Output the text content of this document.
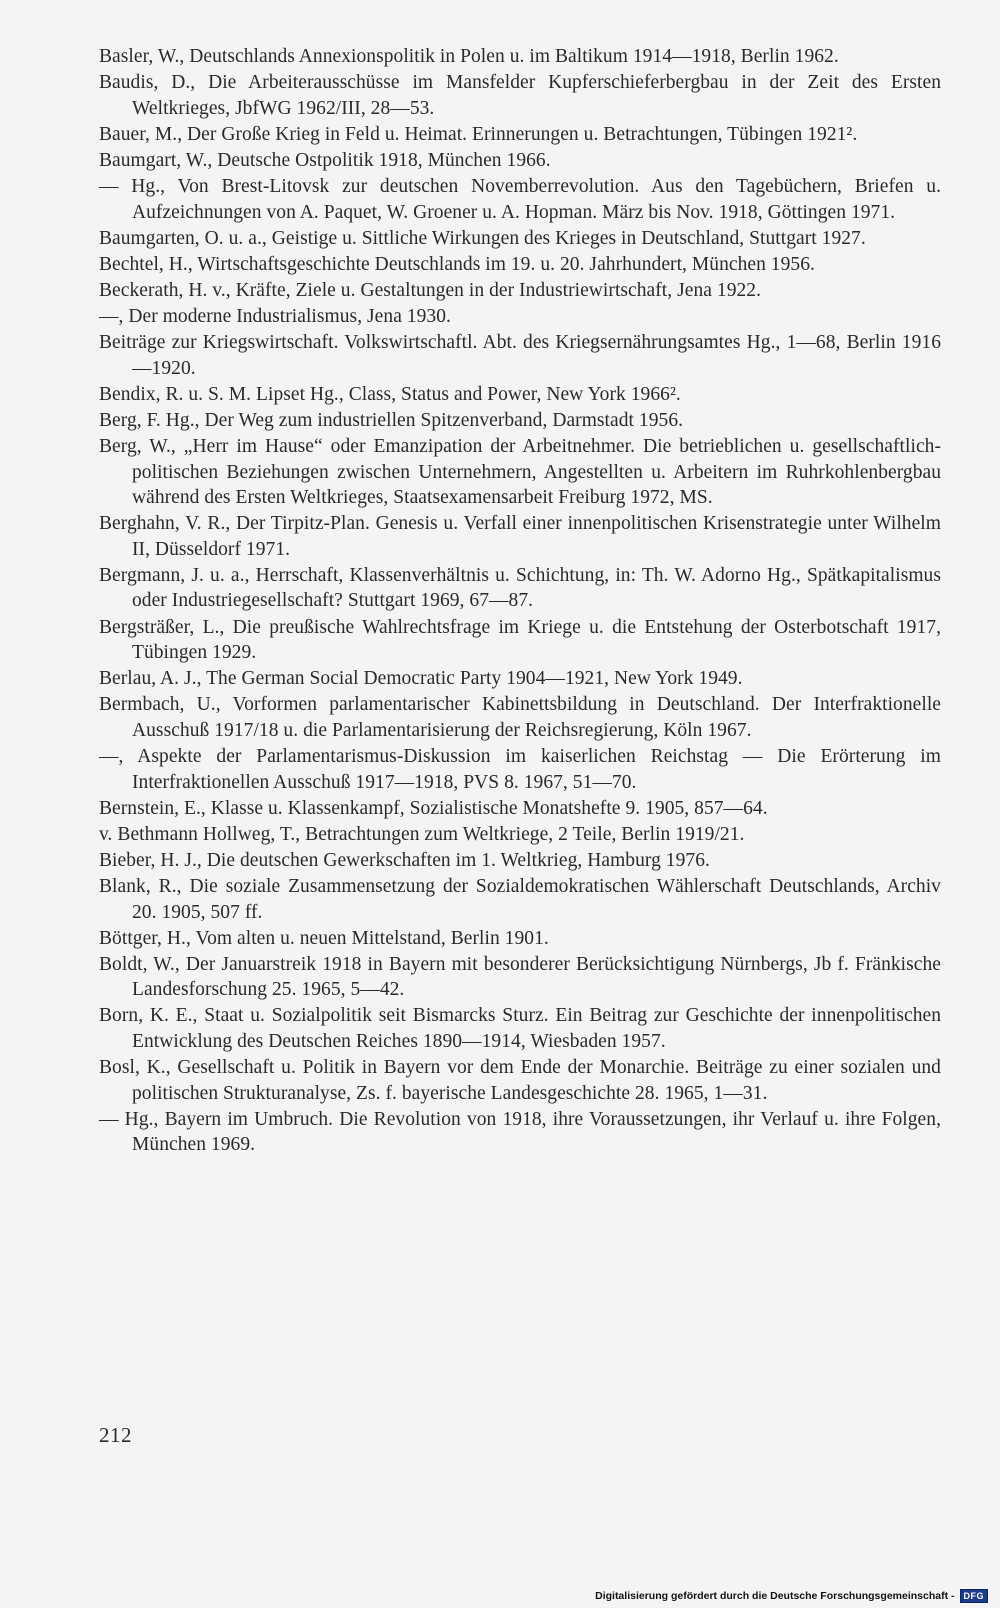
Basler, W., Deutschlands Annexionspolitik in Polen u. im Baltikum 1914—1918, Berlin 1962.

Baudis, D., Die Arbeiterausschüsse im Mansfelder Kupferschieferbergbau in der Zeit des Ersten Weltkrieges, JbfWG 1962/III, 28—53.

Bauer, M., Der Große Krieg in Feld u. Heimat. Erinnerungen u. Betrachtungen, Tübingen 1921².

Baumgart, W., Deutsche Ostpolitik 1918, München 1966.

— Hg., Von Brest-Litovsk zur deutschen Novemberrevolution. Aus den Tagebüchern, Briefen u. Aufzeichnungen von A. Paquet, W. Groener u. A. Hopman. März bis Nov. 1918, Göttingen 1971.

Baumgarten, O. u. a., Geistige u. Sittliche Wirkungen des Krieges in Deutschland, Stuttgart 1927.

Bechtel, H., Wirtschaftsgeschichte Deutschlands im 19. u. 20. Jahrhundert, München 1956.

Beckerath, H. v., Kräfte, Ziele u. Gestaltungen in der Industriewirtschaft, Jena 1922.

—, Der moderne Industrialismus, Jena 1930.

Beiträge zur Kriegswirtschaft. Volkswirtschaftl. Abt. des Kriegsernährungsamtes Hg., 1—68, Berlin 1916—1920.

Bendix, R. u. S. M. Lipset Hg., Class, Status and Power, New York 1966².

Berg, F. Hg., Der Weg zum industriellen Spitzenverband, Darmstadt 1956.

Berg, W., „Herr im Hause“ oder Emanzipation der Arbeitnehmer. Die betrieblichen u. gesellschaftlich-politischen Beziehungen zwischen Unternehmern, Angestellten u. Arbeitern im Ruhrkohlenbergbau während des Ersten Weltkrieges, Staatsexamensarbeit Freiburg 1972, MS.

Berghahn, V. R., Der Tirpitz-Plan. Genesis u. Verfall einer innenpolitischen Krisenstrategie unter Wilhelm II, Düsseldorf 1971.

Bergmann, J. u. a., Herrschaft, Klassenverhältnis u. Schichtung, in: Th. W. Adorno Hg., Spätkapitalismus oder Industriegesellschaft? Stuttgart 1969, 67—87.

Bergsträßer, L., Die preußische Wahlrechtsfrage im Kriege u. die Entstehung der Osterbotschaft 1917, Tübingen 1929.

Berlau, A. J., The German Social Democratic Party 1904—1921, New York 1949.

Bermbach, U., Vorformen parlamentarischer Kabinettsbildung in Deutschland. Der Interfraktionelle Ausschuß 1917/18 u. die Parlamentarisierung der Reichsregierung, Köln 1967.

—, Aspekte der Parlamentarismus-Diskussion im kaiserlichen Reichstag — Die Erörterung im Interfraktionellen Ausschuß 1917—1918, PVS 8. 1967, 51—70.

Bernstein, E., Klasse u. Klassenkampf, Sozialistische Monatshefte 9. 1905, 857—64.

v. Bethmann Hollweg, T., Betrachtungen zum Weltkriege, 2 Teile, Berlin 1919/21.

Bieber, H. J., Die deutschen Gewerkschaften im 1. Weltkrieg, Hamburg 1976.

Blank, R., Die soziale Zusammensetzung der Sozialdemokratischen Wählerschaft Deutschlands, Archiv 20. 1905, 507 ff.

Böttger, H., Vom alten u. neuen Mittelstand, Berlin 1901.

Boldt, W., Der Januarstreik 1918 in Bayern mit besonderer Berücksichtigung Nürnbergs, Jb f. Fränkische Landesforschung 25. 1965, 5—42.

Born, K. E., Staat u. Sozialpolitik seit Bismarcks Sturz. Ein Beitrag zur Geschichte der innenpolitischen Entwicklung des Deutschen Reiches 1890—1914, Wiesbaden 1957.

Bosl, K., Gesellschaft u. Politik in Bayern vor dem Ende der Monarchie. Beiträge zu einer sozialen und politischen Strukturanalyse, Zs. f. bayerische Landesgeschichte 28. 1965, 1—31.

— Hg., Bayern im Umbruch. Die Revolution von 1918, ihre Voraussetzungen, ihr Verlauf u. ihre Folgen, München 1969.

212
Digitalisierung gefördert durch die Deutsche Forschungsgemeinschaft -	DFG
